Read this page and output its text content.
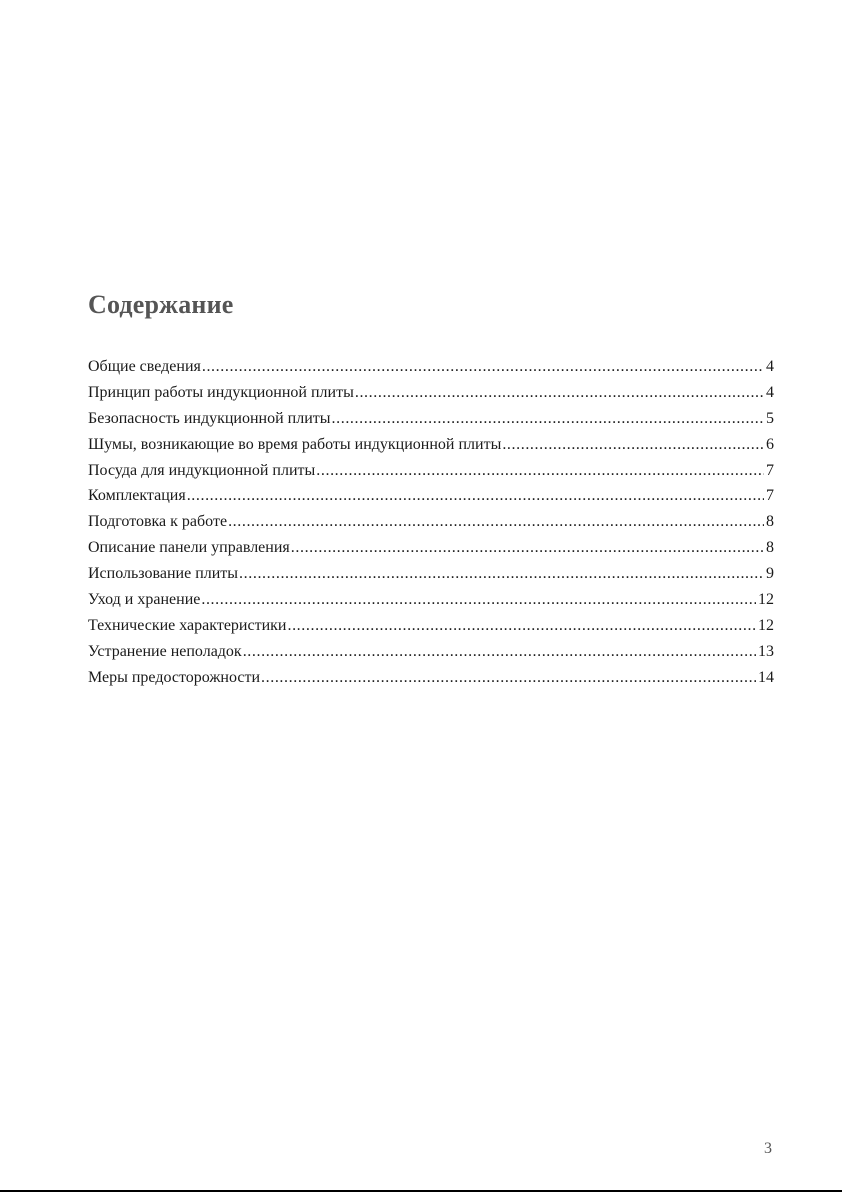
Содержание
Общие сведения .....	4
Принцип работы индукционной плиты .....	4
Безопасность индукционной плиты .....	5
Шумы, возникающие во время работы индукционной плиты .....	6
Посуда для индукционной плиты .....	7
Комплектация .....	7
Подготовка к работе .....	8
Описание панели управления .....	8
Использование плиты .....	9
Уход и хранение .....	12
Технические характеристики .....	12
Устранение неполадок .....	13
Меры предосторожности .....	14
3
